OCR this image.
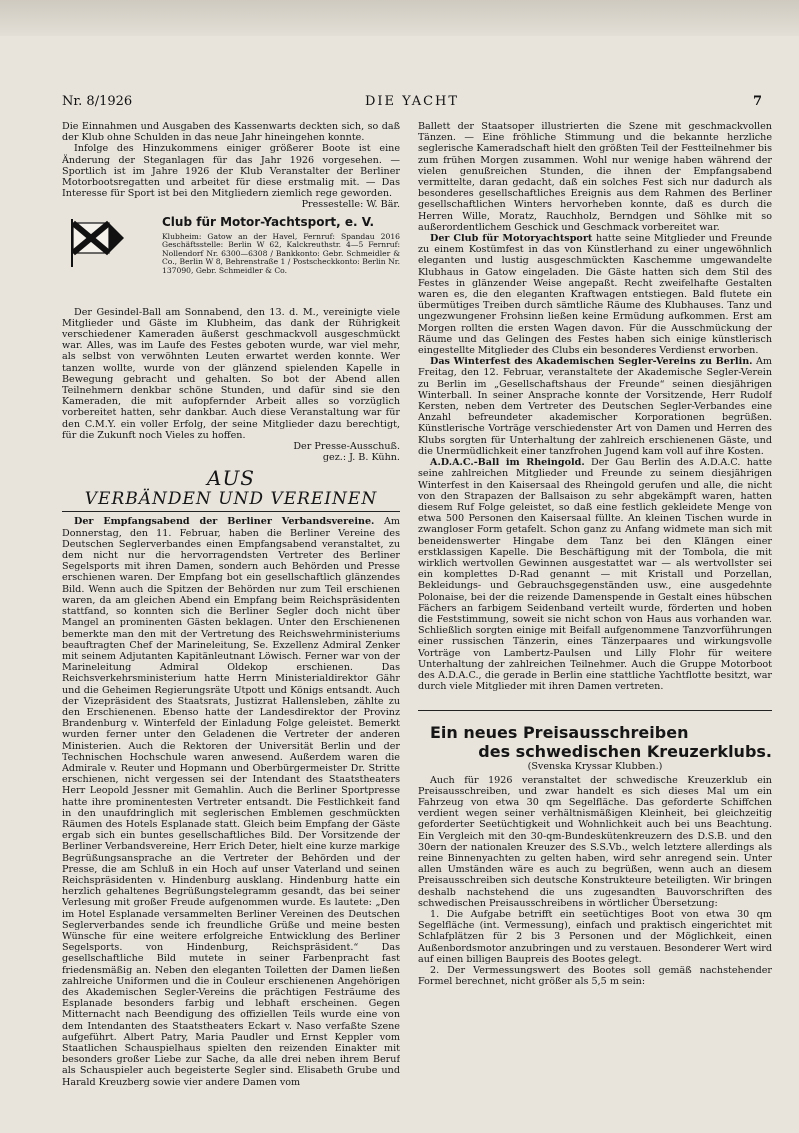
Nr. 8/1926	DIE YACHT	7

Die Einnahmen und Ausgaben des Kassenwarts deckten sich, so daß der Klub ohne Schulden in das neue Jahr hineingehen konnte.

Infolge des Hinzukommens einiger größerer Boote ist eine Änderung der Steganlagen für das Jahr 1926 vorgesehen. — Sportlich ist im Jahre 1926 der Klub Veranstalter der Berliner Motorbootsregatten und arbeitet für diese erstmalig mit. — Das Interesse für Sport ist bei den Mitgliedern ziemlich rege geworden.

Pressestelle: W. Bär.
Club für Motor-Yachtsport, e. V.
Klubheim: Gatow an der Havel, Fernruf: Spandau 2016 Geschäftsstelle: Berlin W 62, Kalckreuthstr. 4—5 Fernruf: Nollendorf Nr. 6300—6308 / Bankkonto: Gebr. Schmeidler & Co., Berlin W 8, Behrenstraße 1 / Postscheckkonto: Berlin Nr. 137090, Gebr. Schmeidler & Co.

Der Gesindel-Ball am Sonnabend, den 13. d. M., vereinigte viele Mitglieder und Gäste im Klubheim, das dank der Rührigkeit verschiedener Kameraden äußerst geschmackvoll ausgeschmückt war. Alles, was im Laufe des Festes geboten wurde, war viel mehr, als selbst von verwöhnten Leuten erwartet werden konnte. Wer tanzen wollte, wurde von der glänzend spielenden Kapelle in Bewegung gebracht und gehalten. So bot der Abend allen Teilnehmern denkbar schöne Stunden, und dafür sind sie den Kameraden, die mit aufopfernder Arbeit alles so vorzüglich vorbereitet hatten, sehr dankbar. Auch diese Veranstaltung war für den C.M.Y. ein voller Erfolg, der seine Mitglieder dazu berechtigt, für die Zukunft noch Vieles zu hoffen.

Der Presse-Ausschuß.
gez.: J. B. Kühn.
AUS
VERBÄNDEN UND VEREINEN

Der Empfangsabend der Berliner Verbandsvereine. Am Donnerstag, den 11. Februar, haben die Berliner Vereine des Deutschen Seglerverbandes einen Empfangsabend veranstaltet, zu dem nicht nur die hervorragendsten Vertreter des Berliner Segelsports mit ihren Damen, sondern auch Behörden und Presse erschienen waren. Der Empfang bot ein gesellschaftlich glänzendes Bild. Wenn auch die Spitzen der Behörden nur zum Teil erschienen waren, da am gleichen Abend ein Empfang beim Reichspräsidenten stattfand, so konnten sich die Berliner Segler doch nicht über Mangel an prominenten Gästen beklagen. Unter den Erschienenen bemerkte man den mit der Vertretung des Reichswehrministeriums beauftragten Chef der Marineleitung, Se. Exzellenz Admiral Zenker mit seinem Adjutanten Kapitänleutnant Löwisch. Ferner war von der Marineleitung Admiral Oldekop erschienen. Das Reichsverkehrsministerium hatte Herrn Ministerialdirektor Gähr und die Geheimen Regierungsräte Utpott und Königs entsandt. Auch der Vizepräsident des Staatsrats, Justizrat Hallensleben, zählte zu den Erschienenen. Ebenso hatte der Landesdirektor der Provinz Brandenburg v. Winterfeld der Einladung Folge geleistet. Bemerkt wurden ferner unter den Geladenen die Vertreter der anderen Ministerien. Auch die Rektoren der Universität Berlin und der Technischen Hochschule waren anwesend. Außerdem waren die Admirale v. Reuter und Hopmann und Oberbürgermeister Dr. Stritte erschienen, nicht vergessen sei der Intendant des Staatstheaters Herr Leopold Jessner mit Gemahlin. Auch die Berliner Sportpresse hatte ihre prominentesten Vertreter entsandt. Die Festlichkeit fand in den unaufdringlich mit seglerischen Emblemen geschmückten Räumen des Hotels Esplanade statt. Gleich beim Empfang der Gäste ergab sich ein buntes gesellschaftliches Bild. Der Vorsitzende der Berliner Verbandsvereine, Herr Erich Deter, hielt eine kurze markige Begrüßungsansprache an die Vertreter der Behörden und der Presse, die am Schluß in ein Hoch auf unser Vaterland und seinen Reichspräsidenten v. Hindenburg ausklang. Hindenburg hatte ein herzlich gehaltenes Begrüßungstelegramm gesandt, das bei seiner Verlesung mit großer Freude aufgenommen wurde. Es lautete: „Den im Hotel Esplanade versammelten Berliner Vereinen des Deutschen Seglerverbandes sende ich freundliche Grüße und meine besten Wünsche für eine weitere erfolgreiche Entwicklung des Berliner Segelsports. von Hindenburg, Reichspräsident.“ Das gesellschaftliche Bild mutete in seiner Farbenpracht fast friedensmäßig an. Neben den eleganten Toiletten der Damen ließen zahlreiche Uniformen und die in Couleur erschienenen Angehörigen des Akademischen Segler-Vereins die prächtigen Festräume des Esplanade besonders farbig und lebhaft erscheinen. Gegen Mitternacht nach Beendigung des offiziellen Teils wurde eine von dem Intendanten des Staatstheaters Eckart v. Naso verfaßte Szene aufgeführt. Albert Patry, Maria Paudler und Ernst Keppler vom Staatlichen Schauspielhaus spielten den reizenden Einakter mit besonders großer Liebe zur Sache, da alle drei neben ihrem Beruf als Schauspieler auch begeisterte Segler sind. Elisabeth Grube und Harald Kreuzberg sowie vier andere Damen vom

Ballett der Staatsoper illustrierten die Szene mit geschmackvollen Tänzen. — Eine fröhliche Stimmung und die bekannte herzliche seglerische Kameradschaft hielt den größten Teil der Festteilnehmer bis zum frühen Morgen zusammen. Wohl nur wenige haben während der vielen genußreichen Stunden, die ihnen der Empfangsabend vermittelte, daran gedacht, daß ein solches Fest sich nur dadurch als besonderes gesellschaftliches Ereignis aus dem Rahmen des Berliner gesellschaftlichen Winters hervorheben konnte, daß es durch die Herren Wille, Moratz, Rauchholz, Berndgen und Söhlke mit so außerordentlichem Geschick und Geschmack vorbereitet war.

Der Club für Motoryachtsport hatte seine Mitglieder und Freunde zu einem Kostümfest in das von Künstlerhand zu einer ungewöhnlich eleganten und lustig ausgeschmückten Kaschemme umgewandelte Klubhaus in Gatow eingeladen. Die Gäste hatten sich dem Stil des Festes in glänzender Weise angepaßt. Recht zweifelhafte Gestalten waren es, die den eleganten Kraftwagen entstiegen. Bald flutete ein übermütiges Treiben durch sämtliche Räume des Klubhauses. Tanz und ungezwungener Frohsinn ließen keine Ermüdung aufkommen. Erst am Morgen rollten die ersten Wagen davon. Für die Ausschmückung der Räume und das Gelingen des Festes haben sich einige künstlerisch eingestellte Mitglieder des Clubs ein besonderes Verdienst erworben.

Das Winterfest des Akademischen Segler-Vereins zu Berlin. Am Freitag, den 12. Februar, veranstaltete der Akademische Segler-Verein zu Berlin im „Gesellschaftshaus der Freunde“ seinen diesjährigen Winterball. In seiner Ansprache konnte der Vorsitzende, Herr Rudolf Kersten, neben dem Vertreter des Deutschen Segler-Verbandes eine Anzahl befreundeter akademischer Korporationen begrüßen. Künstlerische Vorträge verschiedenster Art von Damen und Herren des Klubs sorgten für Unterhaltung der zahlreich erschienenen Gäste, und die Unermüdlichkeit einer tanzfrohen Jugend kam voll auf ihre Kosten.

A.D.A.C.-Ball im Rheingold. Der Gau Berlin des A.D.A.C. hatte seine zahlreichen Mitglieder und Freunde zu seinem diesjährigen Winterfest in den Kaisersaal des Rheingold gerufen und alle, die nicht von den Strapazen der Ballsaison zu sehr abgekämpft waren, hatten diesem Ruf Folge geleistet, so daß eine festlich gekleidete Menge von etwa 500 Personen den Kaisersaal füllte. An kleinen Tischen wurde in zwangloser Form getafelt. Schon ganz zu Anfang widmete man sich mit beneidenswerter Hingabe dem Tanz bei den Klängen einer erstklassigen Kapelle. Die Beschäftigung mit der Tombola, die mit wirklich wertvollen Gewinnen ausgestattet war — als wertvollster sei ein komplettes D-Rad genannt — mit Kristall und Porzellan, Bekleidungs- und Gebrauchsgegenständen usw., eine ausgedehnte Polonaise, bei der die reizende Damenspende in Gestalt eines hübschen Fächers an farbigem Seidenband verteilt wurde, förderten und hoben die Feststimmung, soweit sie nicht schon von Haus aus vorhanden war. Schließlich sorgten einige mit Beifall aufgenommene Tanzvorführungen einer russischen Tänzerin, eines Tänzerpaares und wirkungsvolle Vorträge von Lambertz-Paulsen und Lilly Flohr für weitere Unterhaltung der zahlreichen Teilnehmer. Auch die Gruppe Motorboot des A.D.A.C., die gerade in Berlin eine stattliche Yachtflotte besitzt, war durch viele Mitglieder mit ihren Damen vertreten.

Ein neues Preisausschreiben
des schwedischen Kreuzerklubs.
(Svenska Kryssar Klubben.)

Auch für 1926 veranstaltet der schwedische Kreuzerklub ein Preisausschreiben, und zwar handelt es sich dieses Mal um ein Fahrzeug von etwa 30 qm Segelfläche. Das geforderte Schiffchen verdient wegen seiner verhältnismäßigen Kleinheit, bei gleichzeitig geforderter Seetüchtigkeit und Wohnlichkeit auch bei uns Beachtung. Ein Vergleich mit den 30-qm-Bundeskütenkreuzern des D.S.B. und den 30ern der nationalen Kreuzer des S.S.Vb., welch letztere allerdings als reine Binnenyachten zu gelten haben, wird sehr anregend sein. Unter allen Umständen wäre es auch zu begrüßen, wenn auch an diesem Preisausschreiben sich deutsche Konstrukteure beteiligten. Wir bringen deshalb nachstehend die uns zugesandten Bauvorschriften des schwedischen Preisausschreibens in wörtlicher Übersetzung:

1. Die Aufgabe betrifft ein seetüchtiges Boot von etwa 30 qm Segelfläche (int. Vermessung), einfach und praktisch eingerichtet mit Schlafplätzen für 2 bis 3 Personen und der Möglichkeit, einen Außenbordsmotor anzubringen und zu verstauen. Besonderer Wert wird auf einen billigen Baupreis des Bootes gelegt.

2. Der Vermessungswert des Bootes soll gemäß nachstehender Formel berechnet, nicht größer als 5,5 m sein:
